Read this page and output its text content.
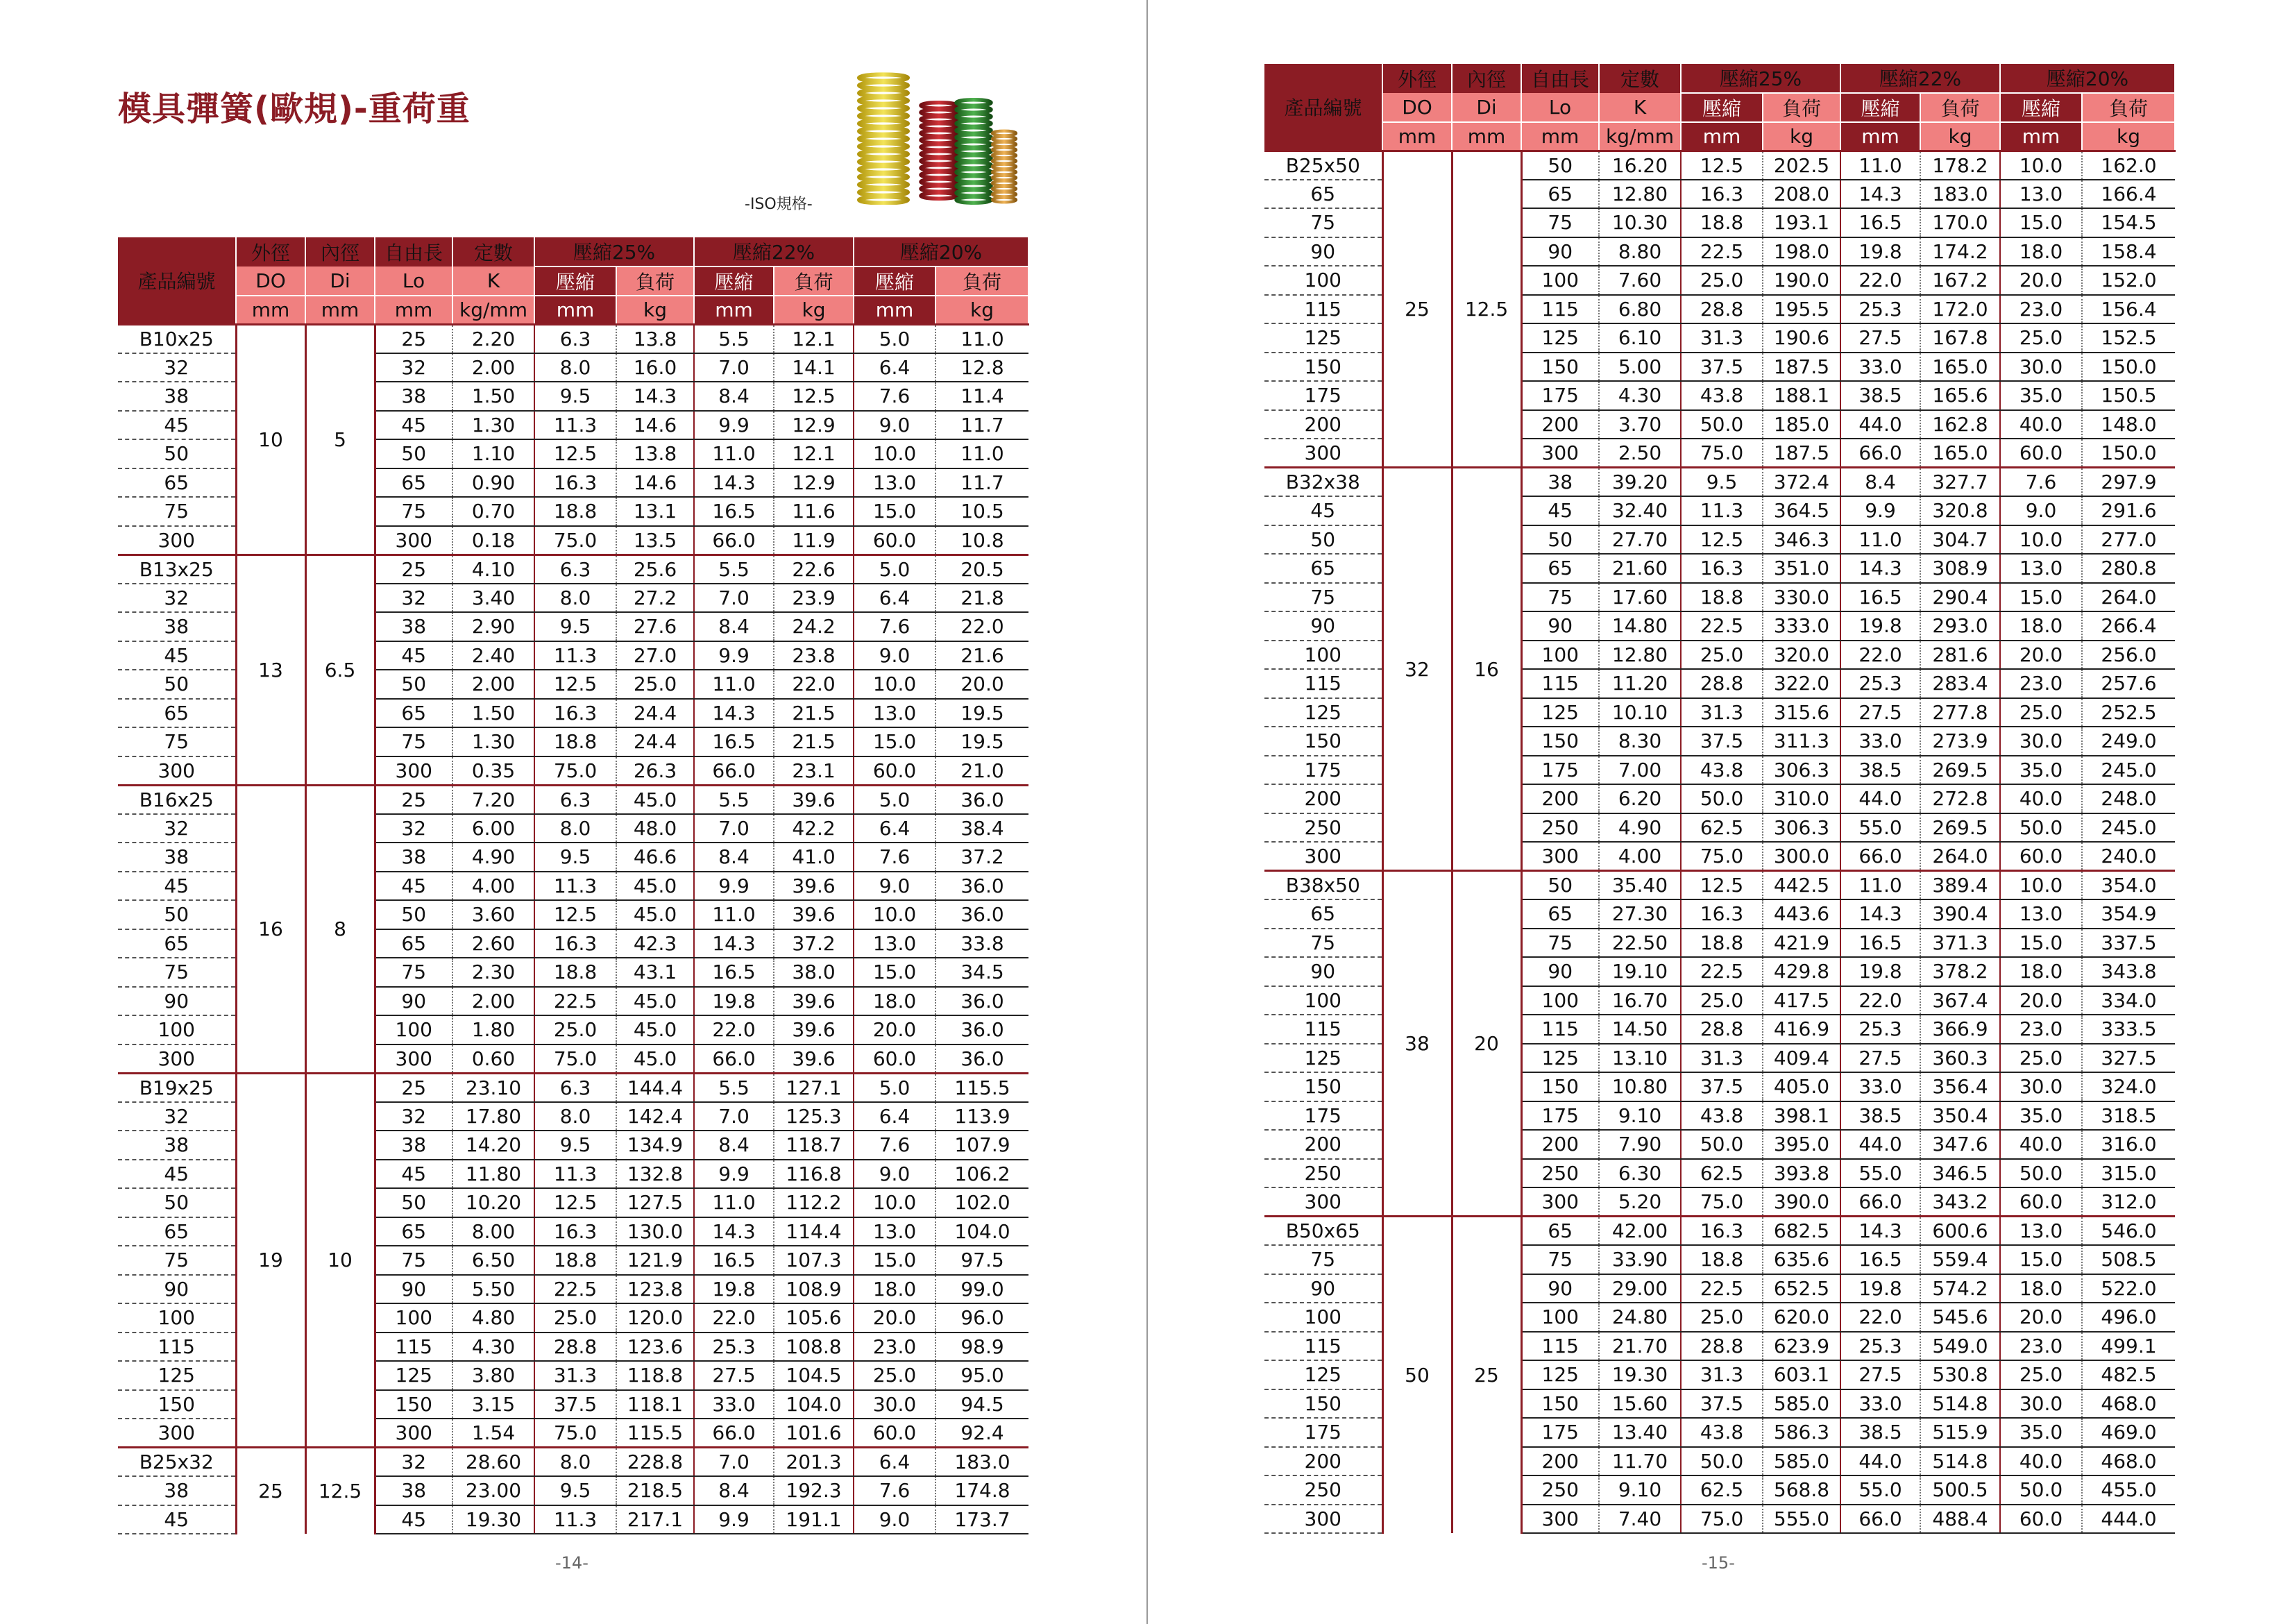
模具彈簧(歐規)-重荷重
-ISO規格-
產品編號	外徑	內徑	自由長	定數	壓縮25%		壓縮22%		壓縮20%	
	DO	Di	Lo	K	壓縮	負荷	壓縮	負荷	壓縮	負荷
	mm	mm	mm	kg/mm	mm	kg	mm	kg	mm	kg
B10x25	10	5	25	2.20	6.3	13.8	5.5	12.1	5.0	11.0
32			32	2.00	8.0	16.0	7.0	14.1	6.4	12.8
38			38	1.50	9.5	14.3	8.4	12.5	7.6	11.4
45			45	1.30	11.3	14.6	9.9	12.9	9.0	11.7
50			50	1.10	12.5	13.8	11.0	12.1	10.0	11.0
65			65	0.90	16.3	14.6	14.3	12.9	13.0	11.7
75			75	0.70	18.8	13.1	16.5	11.6	15.0	10.5
300			300	0.18	75.0	13.5	66.0	11.9	60.0	10.8
B13x25	13	6.5	25	4.10	6.3	25.6	5.5	22.6	5.0	20.5
32			32	3.40	8.0	27.2	7.0	23.9	6.4	21.8
38			38	2.90	9.5	27.6	8.4	24.2	7.6	22.0
45			45	2.40	11.3	27.0	9.9	23.8	9.0	21.6
50			50	2.00	12.5	25.0	11.0	22.0	10.0	20.0
65			65	1.50	16.3	24.4	14.3	21.5	13.0	19.5
75			75	1.30	18.8	24.4	16.5	21.5	15.0	19.5
300			300	0.35	75.0	26.3	66.0	23.1	60.0	21.0
B16x25	16	8	25	7.20	6.3	45.0	5.5	39.6	5.0	36.0
32			32	6.00	8.0	48.0	7.0	42.2	6.4	38.4
38			38	4.90	9.5	46.6	8.4	41.0	7.6	37.2
45			45	4.00	11.3	45.0	9.9	39.6	9.0	36.0
50			50	3.60	12.5	45.0	11.0	39.6	10.0	36.0
65			65	2.60	16.3	42.3	14.3	37.2	13.0	33.8
75			75	2.30	18.8	43.1	16.5	38.0	15.0	34.5
90			90	2.00	22.5	45.0	19.8	39.6	18.0	36.0
100			100	1.80	25.0	45.0	22.0	39.6	20.0	36.0
300			300	0.60	75.0	45.0	66.0	39.6	60.0	36.0
B19x25	19	10	25	23.10	6.3	144.4	5.5	127.1	5.0	115.5
32			32	17.80	8.0	142.4	7.0	125.3	6.4	113.9
38			38	14.20	9.5	134.9	8.4	118.7	7.6	107.9
45			45	11.80	11.3	132.8	9.9	116.8	9.0	106.2
50			50	10.20	12.5	127.5	11.0	112.2	10.0	102.0
65			65	8.00	16.3	130.0	14.3	114.4	13.0	104.0
75			75	6.50	18.8	121.9	16.5	107.3	15.0	97.5
90			90	5.50	22.5	123.8	19.8	108.9	18.0	99.0
100			100	4.80	25.0	120.0	22.0	105.6	20.0	96.0
115			115	4.30	28.8	123.6	25.3	108.8	23.0	98.9
125			125	3.80	31.3	118.8	27.5	104.5	25.0	95.0
150			150	3.15	37.5	118.1	33.0	104.0	30.0	94.5
300			300	1.54	75.0	115.5	66.0	101.6	60.0	92.4
B25x32	25	12.5	32	28.60	8.0	228.8	7.0	201.3	6.4	183.0
38			38	23.00	9.5	218.5	8.4	192.3	7.6	174.8
45			45	19.30	11.3	217.1	9.9	191.1	9.0	173.7
-14-
產品編號	外徑	內徑	自由長	定數	壓縮25%		壓縮22%		壓縮20%	
	DO	Di	Lo	K	壓縮	負荷	壓縮	負荷	壓縮	負荷
	mm	mm	mm	kg/mm	mm	kg	mm	kg	mm	kg
B25x50	25	12.5	50	16.20	12.5	202.5	11.0	178.2	10.0	162.0
65			65	12.80	16.3	208.0	14.3	183.0	13.0	166.4
75			75	10.30	18.8	193.1	16.5	170.0	15.0	154.5
90			90	8.80	22.5	198.0	19.8	174.2	18.0	158.4
100			100	7.60	25.0	190.0	22.0	167.2	20.0	152.0
115			115	6.80	28.8	195.5	25.3	172.0	23.0	156.4
125			125	6.10	31.3	190.6	27.5	167.8	25.0	152.5
150			150	5.00	37.5	187.5	33.0	165.0	30.0	150.0
175			175	4.30	43.8	188.1	38.5	165.6	35.0	150.5
200			200	3.70	50.0	185.0	44.0	162.8	40.0	148.0
300			300	2.50	75.0	187.5	66.0	165.0	60.0	150.0
B32x38	32	16	38	39.20	9.5	372.4	8.4	327.7	7.6	297.9
45			45	32.40	11.3	364.5	9.9	320.8	9.0	291.6
50			50	27.70	12.5	346.3	11.0	304.7	10.0	277.0
65			65	21.60	16.3	351.0	14.3	308.9	13.0	280.8
75			75	17.60	18.8	330.0	16.5	290.4	15.0	264.0
90			90	14.80	22.5	333.0	19.8	293.0	18.0	266.4
100			100	12.80	25.0	320.0	22.0	281.6	20.0	256.0
115			115	11.20	28.8	322.0	25.3	283.4	23.0	257.6
125			125	10.10	31.3	315.6	27.5	277.8	25.0	252.5
150			150	8.30	37.5	311.3	33.0	273.9	30.0	249.0
175			175	7.00	43.8	306.3	38.5	269.5	35.0	245.0
200			200	6.20	50.0	310.0	44.0	272.8	40.0	248.0
250			250	4.90	62.5	306.3	55.0	269.5	50.0	245.0
300			300	4.00	75.0	300.0	66.0	264.0	60.0	240.0
B38x50	38	20	50	35.40	12.5	442.5	11.0	389.4	10.0	354.0
65			65	27.30	16.3	443.6	14.3	390.4	13.0	354.9
75			75	22.50	18.8	421.9	16.5	371.3	15.0	337.5
90			90	19.10	22.5	429.8	19.8	378.2	18.0	343.8
100			100	16.70	25.0	417.5	22.0	367.4	20.0	334.0
115			115	14.50	28.8	416.9	25.3	366.9	23.0	333.5
125			125	13.10	31.3	409.4	27.5	360.3	25.0	327.5
150			150	10.80	37.5	405.0	33.0	356.4	30.0	324.0
175			175	9.10	43.8	398.1	38.5	350.4	35.0	318.5
200			200	7.90	50.0	395.0	44.0	347.6	40.0	316.0
250			250	6.30	62.5	393.8	55.0	346.5	50.0	315.0
300			300	5.20	75.0	390.0	66.0	343.2	60.0	312.0
B50x65	50	25	65	42.00	16.3	682.5	14.3	600.6	13.0	546.0
75			75	33.90	18.8	635.6	16.5	559.4	15.0	508.5
90			90	29.00	22.5	652.5	19.8	574.2	18.0	522.0
100			100	24.80	25.0	620.0	22.0	545.6	20.0	496.0
115			115	21.70	28.8	623.9	25.3	549.0	23.0	499.1
125			125	19.30	31.3	603.1	27.5	530.8	25.0	482.5
150			150	15.60	37.5	585.0	33.0	514.8	30.0	468.0
175			175	13.40	43.8	586.3	38.5	515.9	35.0	469.0
200			200	11.70	50.0	585.0	44.0	514.8	40.0	468.0
250			250	9.10	62.5	568.8	55.0	500.5	50.0	455.0
300			300	7.40	75.0	555.0	66.0	488.4	60.0	444.0
-15-
